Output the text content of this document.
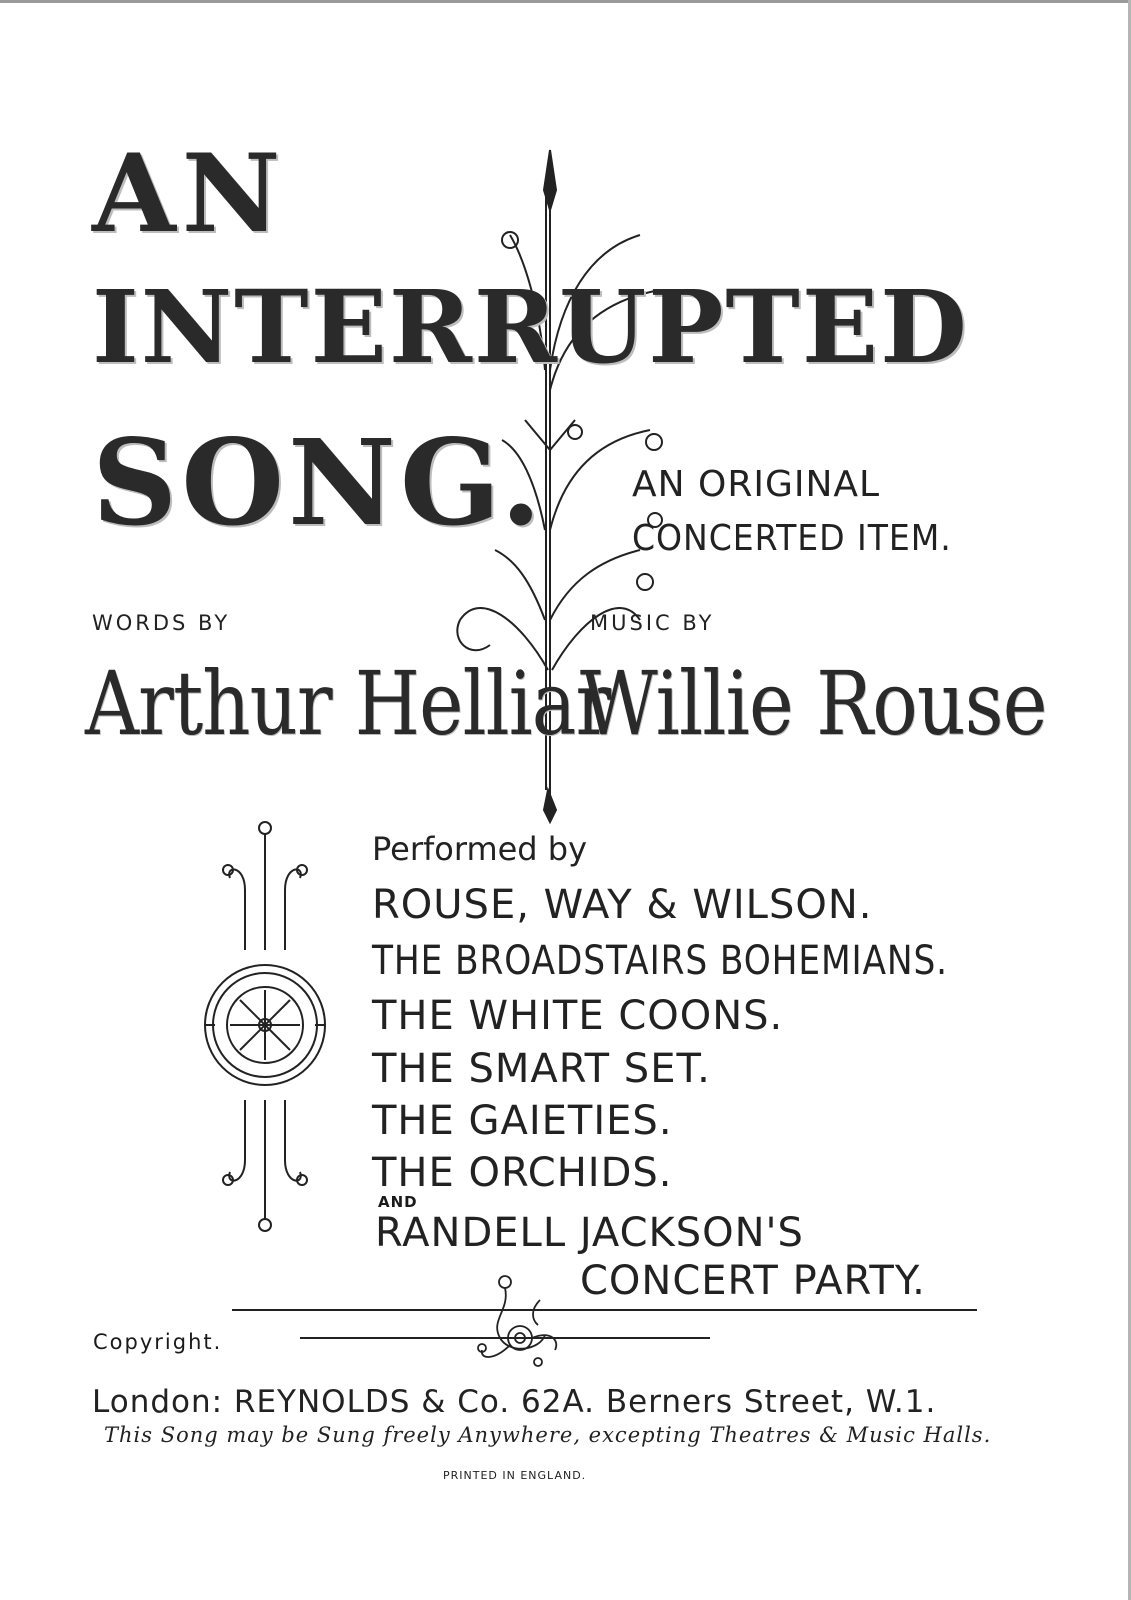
AN
INTERRUPTED
SONG. AN ORIGINAL
CONCERTED ITEM.
WORDS BY	MUSIC BY
Arthur Helliar
Willie Rouse
Performed by
ROUSE, WAY & WILSON.
THE BROADSTAIRS BOHEMIANS.
THE WHITE COONS.
THE SMART SET.
THE GAIETIES.
THE ORCHIDS.
AND
RANDELL JACKSON'S
CONCERT PARTY.
Copyright.
London: REYNOLDS & Co. 62A. Berners Street, W.1.
This Song may be Sung freely Anywhere, excepting Theatres & Music Halls.
PRINTED IN ENGLAND.
